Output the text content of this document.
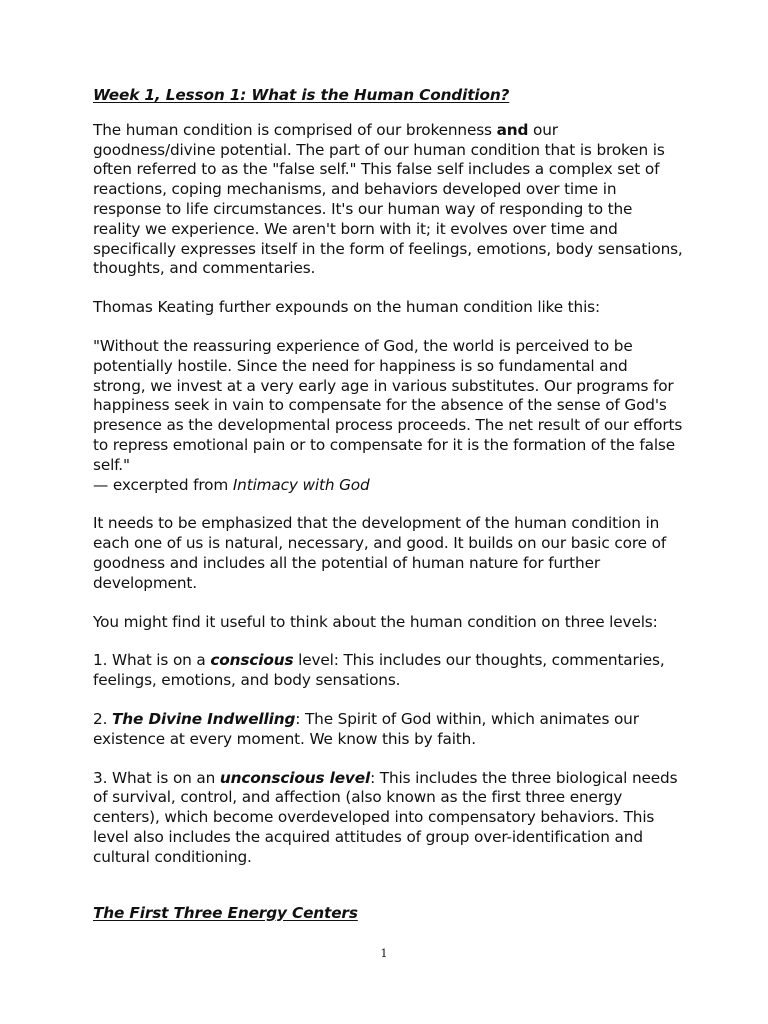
Week 1, Lesson 1: What is the Human Condition?

The human condition is comprised of our brokenness and our goodness/divine potential. The part of our human condition that is broken is often referred to as the "false self." This false self includes a complex set of reactions, coping mechanisms, and behaviors developed over time in response to life circumstances. It's our human way of responding to the reality we experience. We aren't born with it; it evolves over time and specifically expresses itself in the form of feelings, emotions, body sensations, thoughts, and commentaries.

Thomas Keating further expounds on the human condition like this:

"Without the reassuring experience of God, the world is perceived to be potentially hostile. Since the need for happiness is so fundamental and strong, we invest at a very early age in various substitutes. Our programs for happiness seek in vain to compensate for the absence of the sense of God's presence as the developmental process proceeds. The net result of our efforts to repress emotional pain or to compensate for it is the formation of the false self."

— excerpted from Intimacy with God

It needs to be emphasized that the development of the human condition in each one of us is natural, necessary, and good. It builds on our basic core of goodness and includes all the potential of human nature for further development.

You might find it useful to think about the human condition on three levels:

1. What is on a conscious level: This includes our thoughts, commentaries, feelings, emotions, and body sensations.

2. The Divine Indwelling: The Spirit of God within, which animates our existence at every moment. We know this by faith.

3. What is on an unconscious level: This includes the three biological needs of survival, control, and affection (also known as the first three energy centers), which become overdeveloped into compensatory behaviors. This level also includes the acquired attitudes of group over-identification and cultural conditioning.

The First Three Energy Centers

1
